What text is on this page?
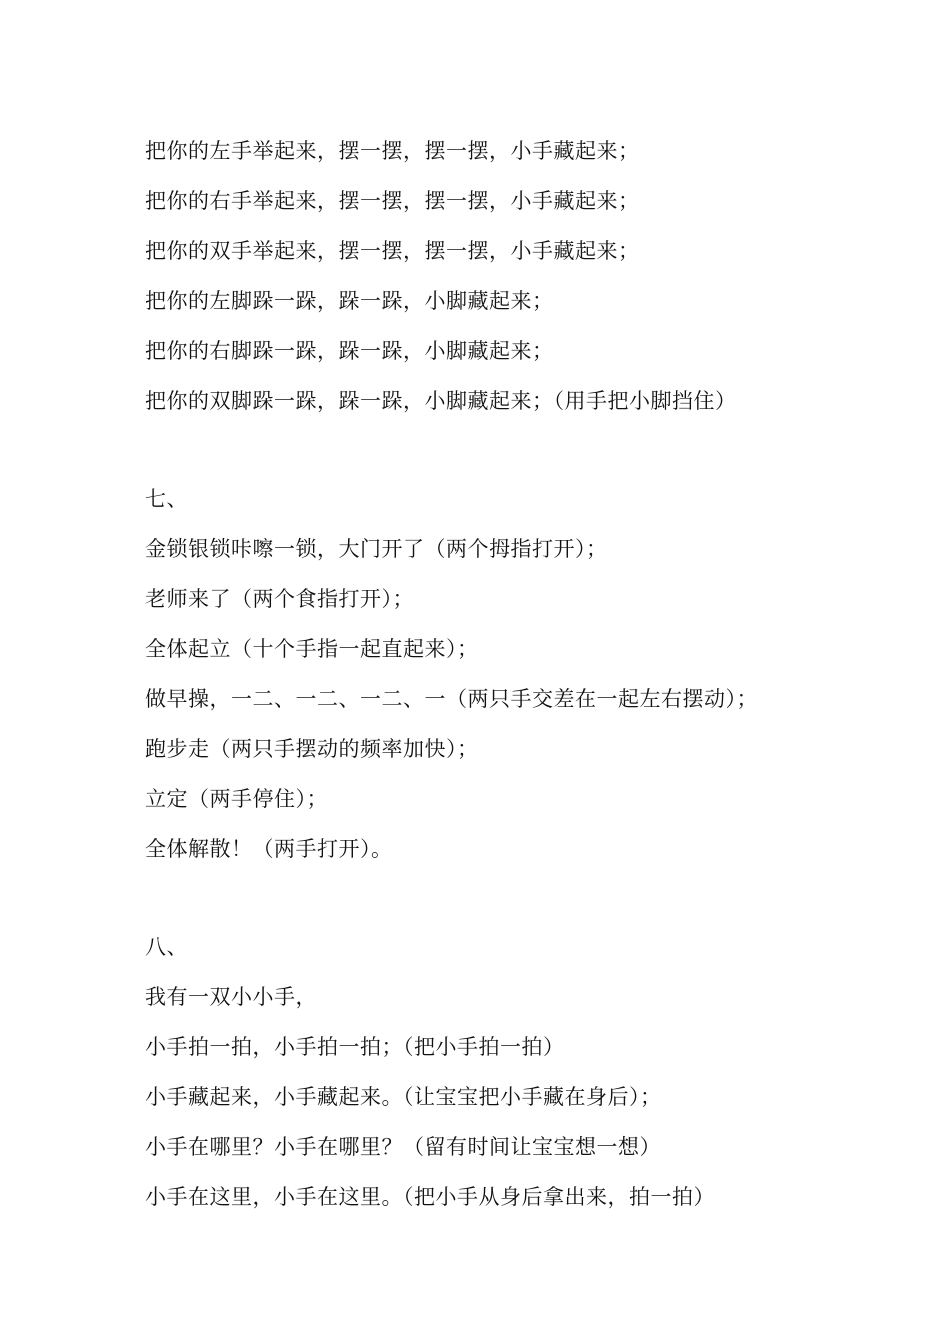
把你的左手举起来，摆一摆，摆一摆，小手藏起来；
把你的右手举起来，摆一摆，摆一摆，小手藏起来；
把你的双手举起来，摆一摆，摆一摆，小手藏起来；
把你的左脚跺一跺，跺一跺，小脚藏起来；
把你的右脚跺一跺，跺一跺，小脚藏起来；
把你的双脚跺一跺，跺一跺，小脚藏起来；（用手把小脚挡住）
七、
金锁银锁咔嚓一锁，大门开了（两个拇指打开）；
老师来了（两个食指打开）；
全体起立（十个手指一起直起来）；
做早操，一二、一二、一二、一（两只手交差在一起左右摆动）；
跑步走（两只手摆动的频率加快）；
立定（两手停住）；
全体解散！（两手打开）。
八、
我有一双小小手，
小手拍一拍，小手拍一拍；（把小手拍一拍）
小手藏起来，小手藏起来。（让宝宝把小手藏在身后）；
小手在哪里？小手在哪里？（留有时间让宝宝想一想）
小手在这里，小手在这里。（把小手从身后拿出来，拍一拍）
